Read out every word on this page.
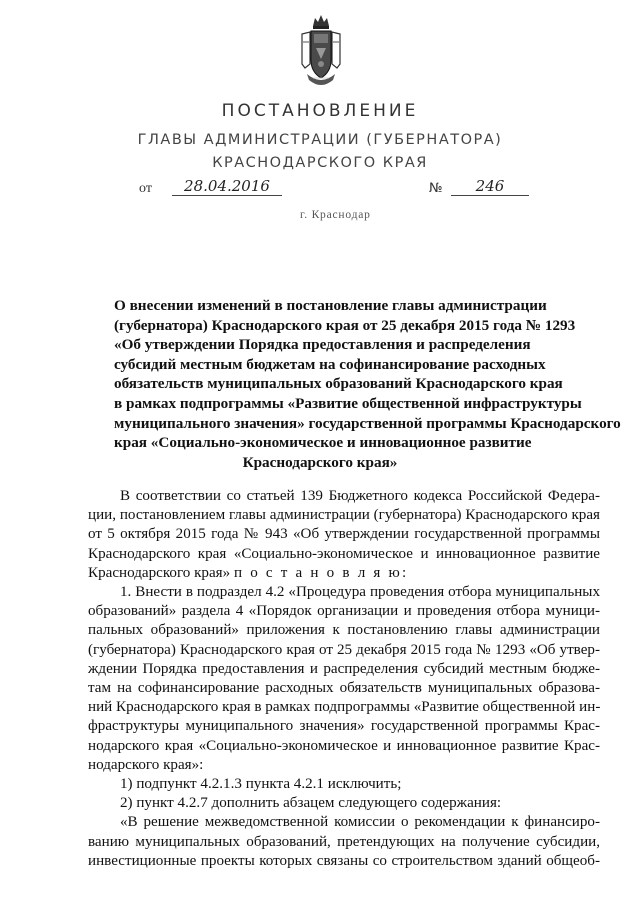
ПОСТАНОВЛЕНИЕ
ГЛАВЫ АДМИНИСТРАЦИИ (ГУБЕРНАТОРА)
КРАСНОДАРСКОГО КРАЯ
от	28.04.2016	№	246
г. Краснодар
О внесении изменений в постановление главы администрации
(губернатора) Краснодарского края от 25 декабря 2015 года № 1293
«Об утверждении Порядка предоставления и распределения
субсидий местным бюджетам на софинансирование расходных
обязательств муниципальных образований Краснодарского края
в рамках подпрограммы «Развитие общественной инфраструктуры
муниципального значения» государственной программы Краснодарского
края «Социально-экономическое и инновационное развитие
Краснодарского края»
В соответствии со статьей 139 Бюджетного кодекса Российской Федера-
ции, постановлением главы администрации (губернатора) Краснодарского края
от 5 октября 2015 года № 943 «Об утверждении государственной программы
Краснодарского края «Социально-экономическое и инновационное развитие
Краснодарского края» п о с т а н о в л я ю:
1. Внести в подраздел 4.2 «Процедура проведения отбора муниципальных
образований» раздела 4 «Порядок организации и проведения отбора муници-
пальных образований» приложения к постановлению главы администрации
(губернатора) Краснодарского края от 25 декабря 2015 года № 1293 «Об утвер-
ждении Порядка предоставления и распределения субсидий местным бюдже-
там на софинансирование расходных обязательств муниципальных образова-
ний Краснодарского края в рамках подпрограммы «Развитие общественной ин-
фраструктуры муниципального значения» государственной программы Крас-
нодарского края «Социально-экономическое и инновационное развитие Крас-
нодарского края»:
1) подпункт 4.2.1.3 пункта 4.2.1 исключить;
2) пункт 4.2.7 дополнить абзацем следующего содержания:
«В решение межведомственной комиссии о рекомендации к финансиро-
ванию муниципальных образований, претендующих на получение субсидии,
инвестиционные проекты которых связаны со строительством зданий общеоб-
